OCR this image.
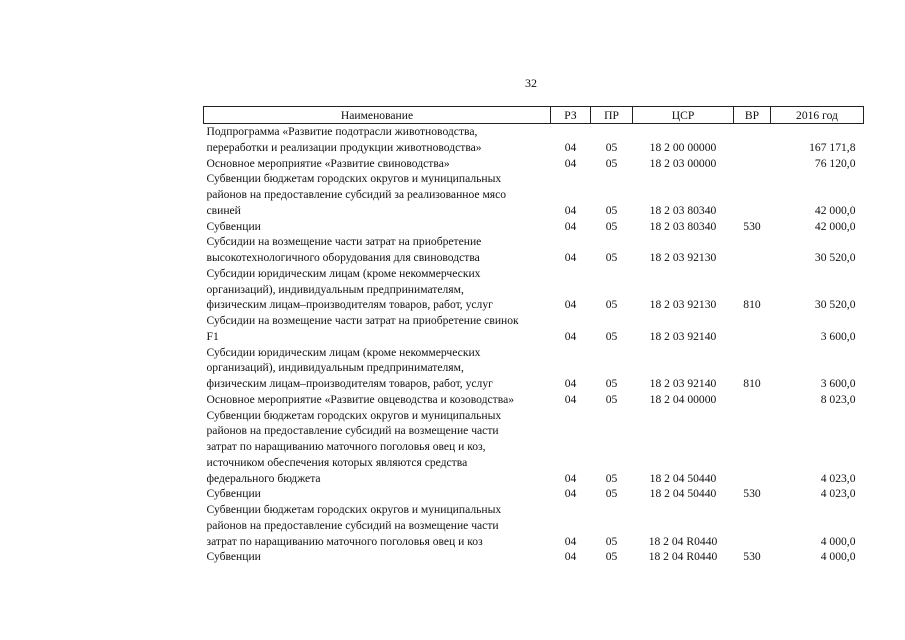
32
Наименование	РЗ	ПР	ЦСР	ВР	2016 год

Подпрограмма «Развитие подотрасли животноводства,
переработки и реализации продукции животноводства»	04	05	18 2 00 00000		167 171,8

Основное мероприятие «Развитие свиноводства»	04	05	18 2 03 00000		76 120,0

Субвенции бюджетам городских округов и муниципальных
районов на предоставление субсидий за реализованное мясо
свиней	04	05	18 2 03 80340		42 000,0

Субвенции	04	05	18 2 03 80340	530	42 000,0

Субсидии на возмещение части затрат на приобретение
высокотехнологичного оборудования для свиноводства	04	05	18 2 03 92130		30 520,0

Субсидии юридическим лицам (кроме некоммерческих
организаций), индивидуальным предпринимателям,
физическим лицам–производителям товаров, работ, услуг	04	05	18 2 03 92130	810	30 520,0

Субсидии на возмещение части затрат на приобретение свинок
F1	04	05	18 2 03 92140		3 600,0

Субсидии юридическим лицам (кроме некоммерческих
организаций), индивидуальным предпринимателям,
физическим лицам–производителям товаров, работ, услуг	04	05	18 2 03 92140	810	3 600,0

Основное мероприятие «Развитие овцеводства и козоводства»	04	05	18 2 04 00000		8 023,0

Субвенции бюджетам городских округов и муниципальных
районов на предоставление субсидий на возмещение части
затрат по наращиванию маточного поголовья овец и коз,
источником обеспечения которых являются средства
федерального бюджета	04	05	18 2 04 50440		4 023,0

Субвенции	04	05	18 2 04 50440	530	4 023,0

Субвенции бюджетам городских округов и муниципальных
районов на предоставление субсидий на возмещение части
затрат по наращиванию маточного поголовья овец и коз	04	05	18 2 04 R0440		4 000,0

Субвенции	04	05	18 2 04 R0440	530	4 000,0
